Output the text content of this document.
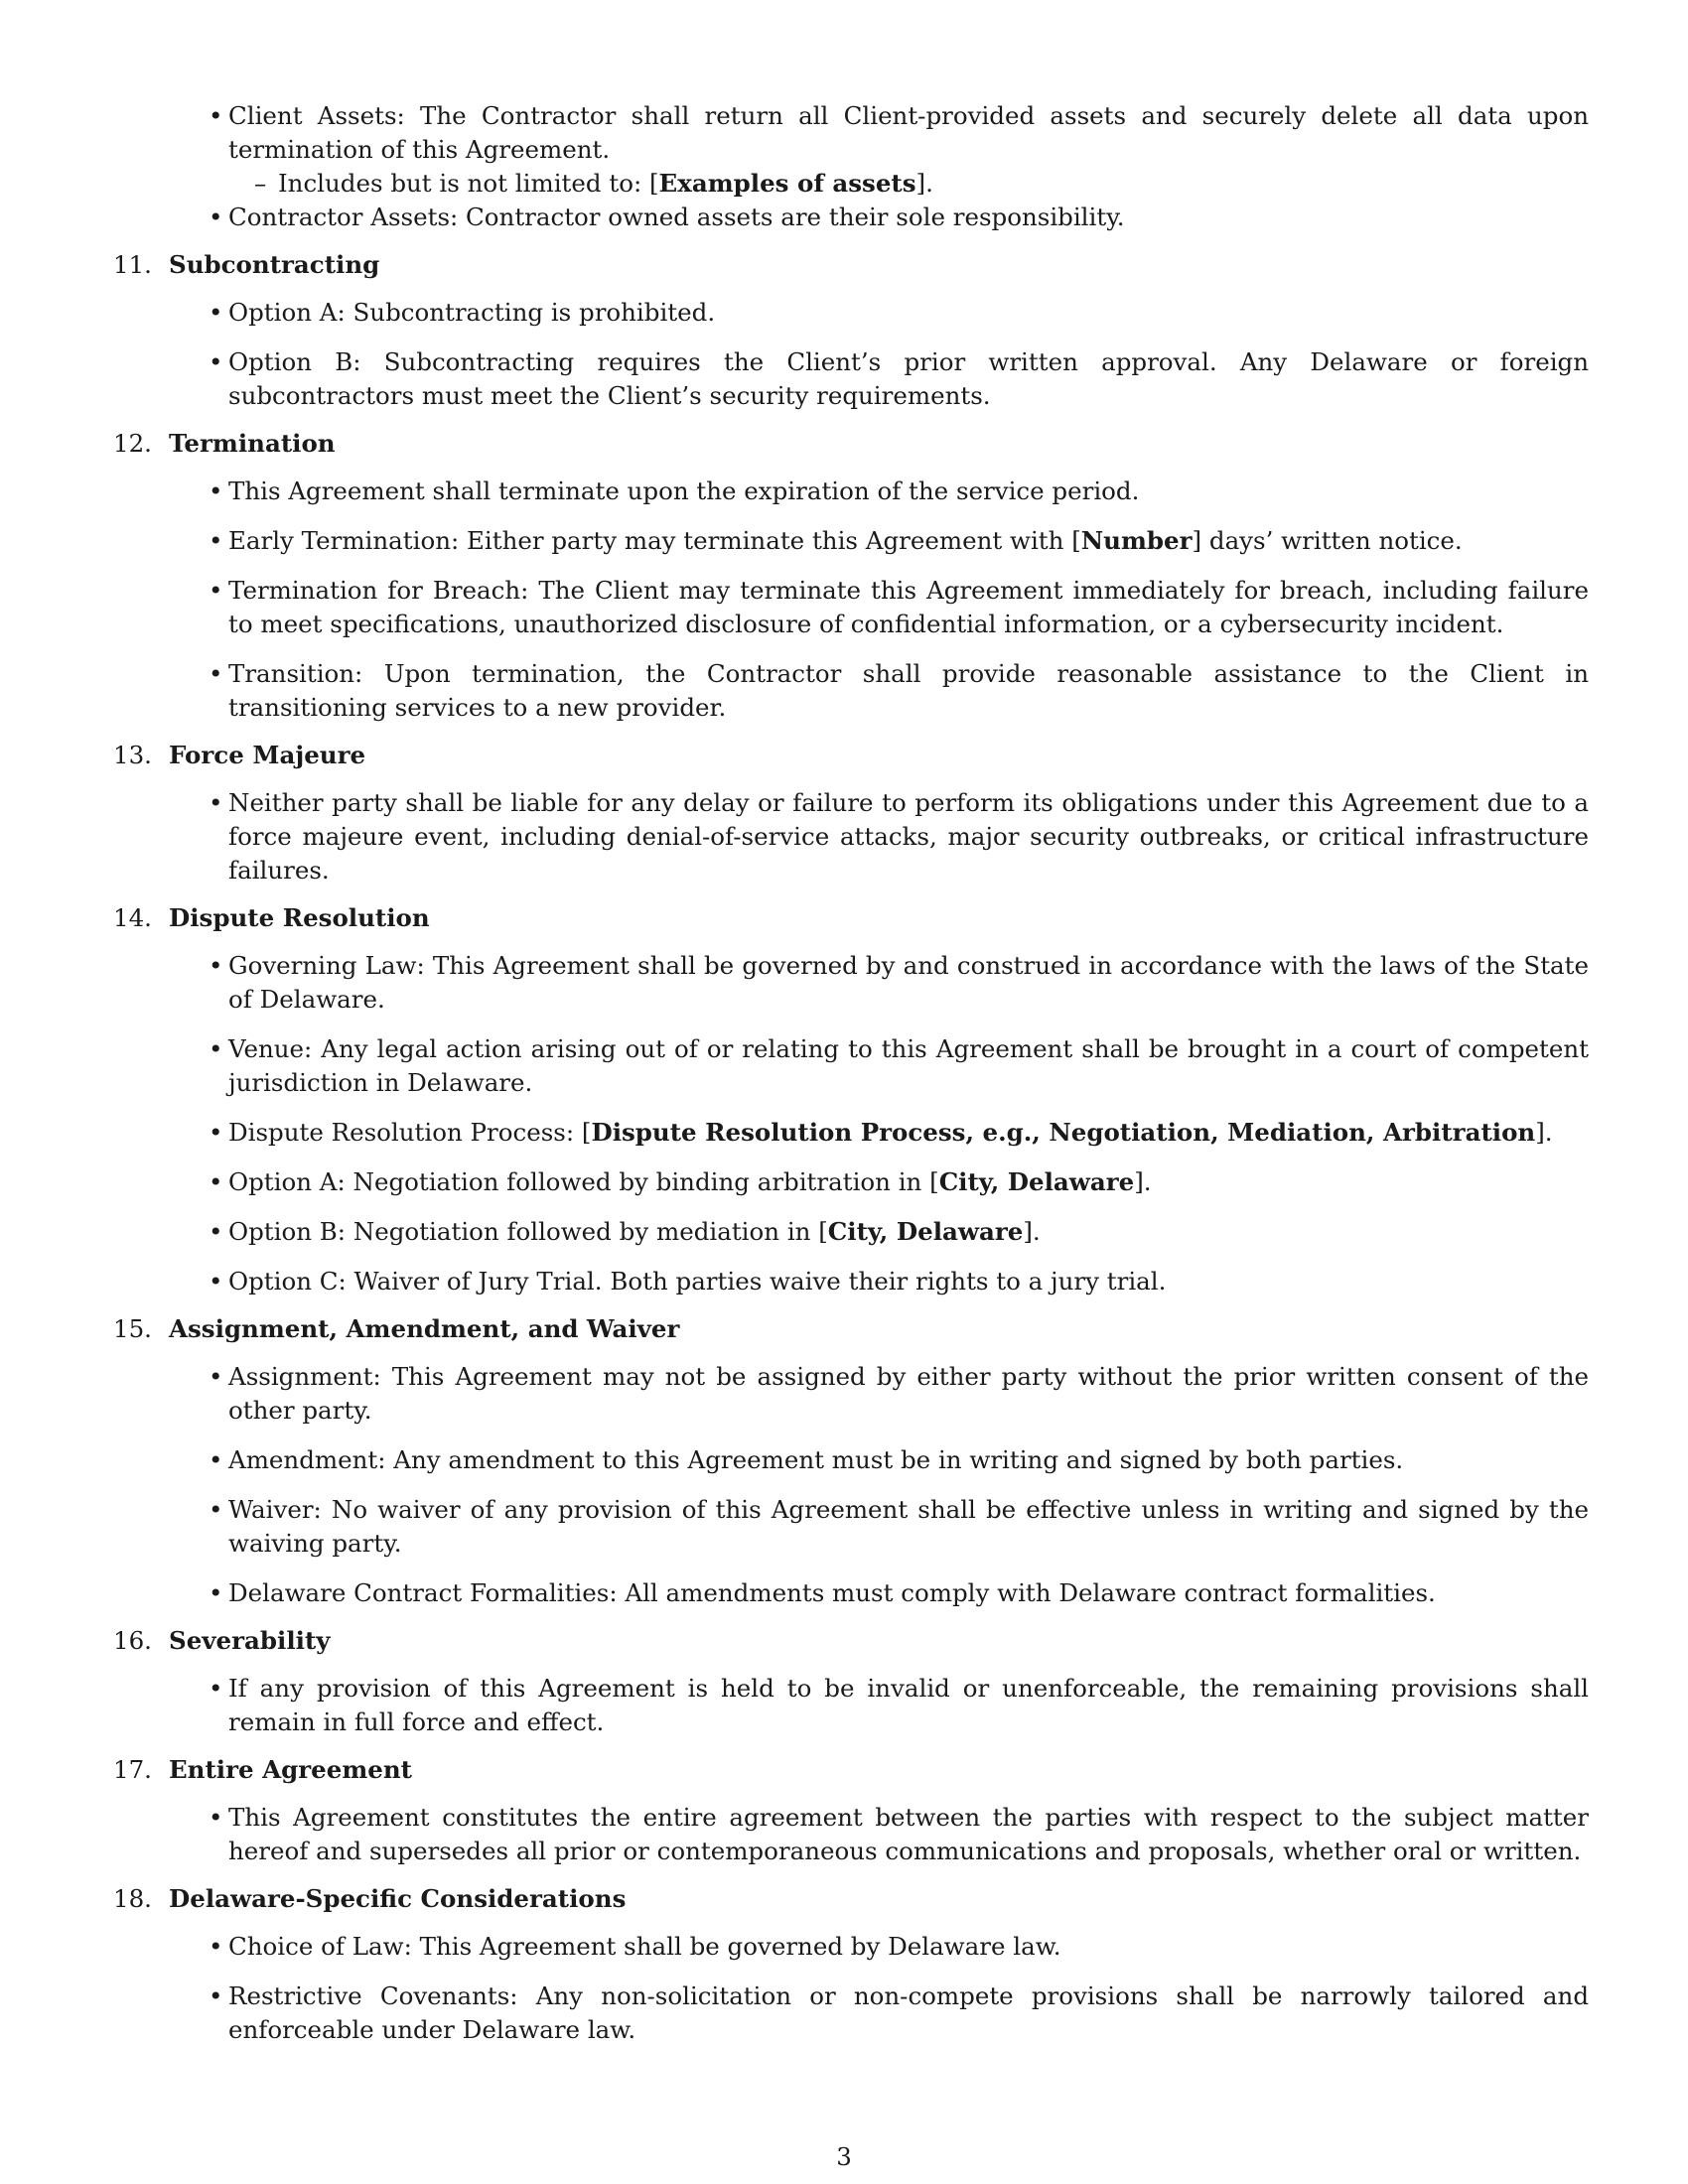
• Client Assets: The Contractor shall return all Client-provided assets and securely delete all data upon termination of this Agreement.
– Includes but is not limited to: [Examples of assets].
• Contractor Assets: Contractor owned assets are their sole responsibility.
11. Subcontracting
• Option A: Subcontracting is prohibited.
• Option B: Subcontracting requires the Client’s prior written approval. Any Delaware or foreign subcontractors must meet the Client’s security requirements.
12. Termination
• This Agreement shall terminate upon the expiration of the service period.
• Early Termination: Either party may terminate this Agreement with [Number] days’ written notice.
• Termination for Breach: The Client may terminate this Agreement immediately for breach, including failure to meet specifications, unauthorized disclosure of confidential information, or a cybersecurity incident.
• Transition: Upon termination, the Contractor shall provide reasonable assistance to the Client in transitioning services to a new provider.
13. Force Majeure
• Neither party shall be liable for any delay or failure to perform its obligations under this Agreement due to a force majeure event, including denial-of-service attacks, major security outbreaks, or critical infrastructure failures.
14. Dispute Resolution
• Governing Law: This Agreement shall be governed by and construed in accordance with the laws of the State of Delaware.
• Venue: Any legal action arising out of or relating to this Agreement shall be brought in a court of competent jurisdiction in Delaware.
• Dispute Resolution Process: [Dispute Resolution Process, e.g., Negotiation, Mediation, Arbitration].
• Option A: Negotiation followed by binding arbitration in [City, Delaware].
• Option B: Negotiation followed by mediation in [City, Delaware].
• Option C: Waiver of Jury Trial. Both parties waive their rights to a jury trial.
15. Assignment, Amendment, and Waiver
• Assignment: This Agreement may not be assigned by either party without the prior written consent of the other party.
• Amendment: Any amendment to this Agreement must be in writing and signed by both parties.
• Waiver: No waiver of any provision of this Agreement shall be effective unless in writing and signed by the waiving party.
• Delaware Contract Formalities: All amendments must comply with Delaware contract formalities.
16. Severability
• If any provision of this Agreement is held to be invalid or unenforceable, the remaining provisions shall remain in full force and effect.
17. Entire Agreement
• This Agreement constitutes the entire agreement between the parties with respect to the subject matter hereof and supersedes all prior or contemporaneous communications and proposals, whether oral or written.
18. Delaware-Specific Considerations
• Choice of Law: This Agreement shall be governed by Delaware law.
• Restrictive Covenants: Any non-solicitation or non-compete provisions shall be narrowly tailored and enforceable under Delaware law.
3
